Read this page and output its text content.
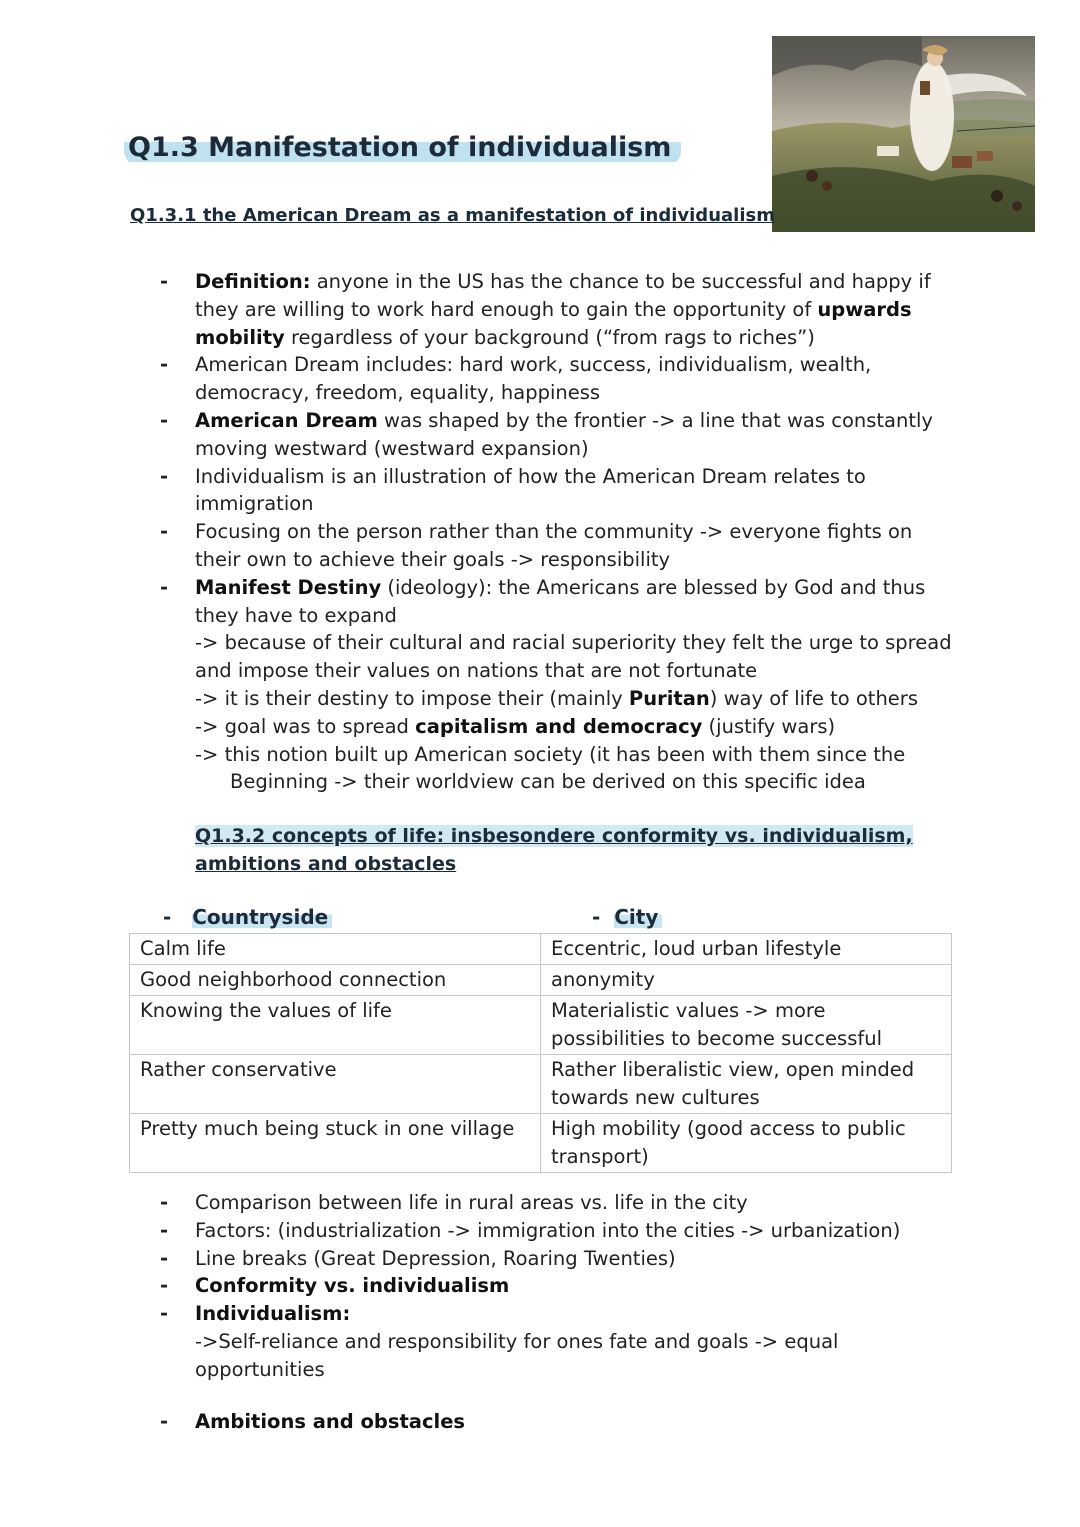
Q1.3 Manifestation of individualism
Q1.3.1 the American Dream as a manifestation of individualism
- Definition: anyone in the US has the chance to be successful and happy if they are willing to work hard enough to gain the opportunity of upwards mobility regardless of your background (“from rags to riches”)
- American Dream includes: hard work, success, individualism, wealth, democracy, freedom, equality, happiness
- American Dream was shaped by the frontier -> a line that was constantly moving westward (westward expansion)
- Individualism is an illustration of how the American Dream relates to immigration
- Focusing on the person rather than the community -> everyone fights on their own to achieve their goals -> responsibility
- Manifest Destiny (ideology): the Americans are blessed by God and thus they have to expand
-> because of their cultural and racial superiority they felt the urge to spread and impose their values on nations that are not fortunate
-> it is their destiny to impose their (mainly Puritan) way of life to others
-> goal was to spread capitalism and democracy (justify wars)
-> this notion built up American society (it has been with them since the
Beginning -> their worldview can be derived on this specific idea
Q1.3.2 concepts of life: insbesondere conformity vs. individualism,
ambitions and obstacles
- Countryside	- City
Calm life	Eccentric, loud urban lifestyle
Good neighborhood connection	anonymity
Knowing the values of life	Materialistic values -> more possibilities to become successful
Rather conservative	Rather liberalistic view, open minded towards new cultures
Pretty much being stuck in one village	High mobility (good access to public transport)
- Comparison between life in rural areas vs. life in the city
- Factors: (industrialization -> immigration into the cities -> urbanization)
- Line breaks (Great Depression, Roaring Twenties)
- Conformity vs. individualism
- Individualism:
->Self-reliance and responsibility for ones fate and goals -> equal opportunities
- Ambitions and obstacles
